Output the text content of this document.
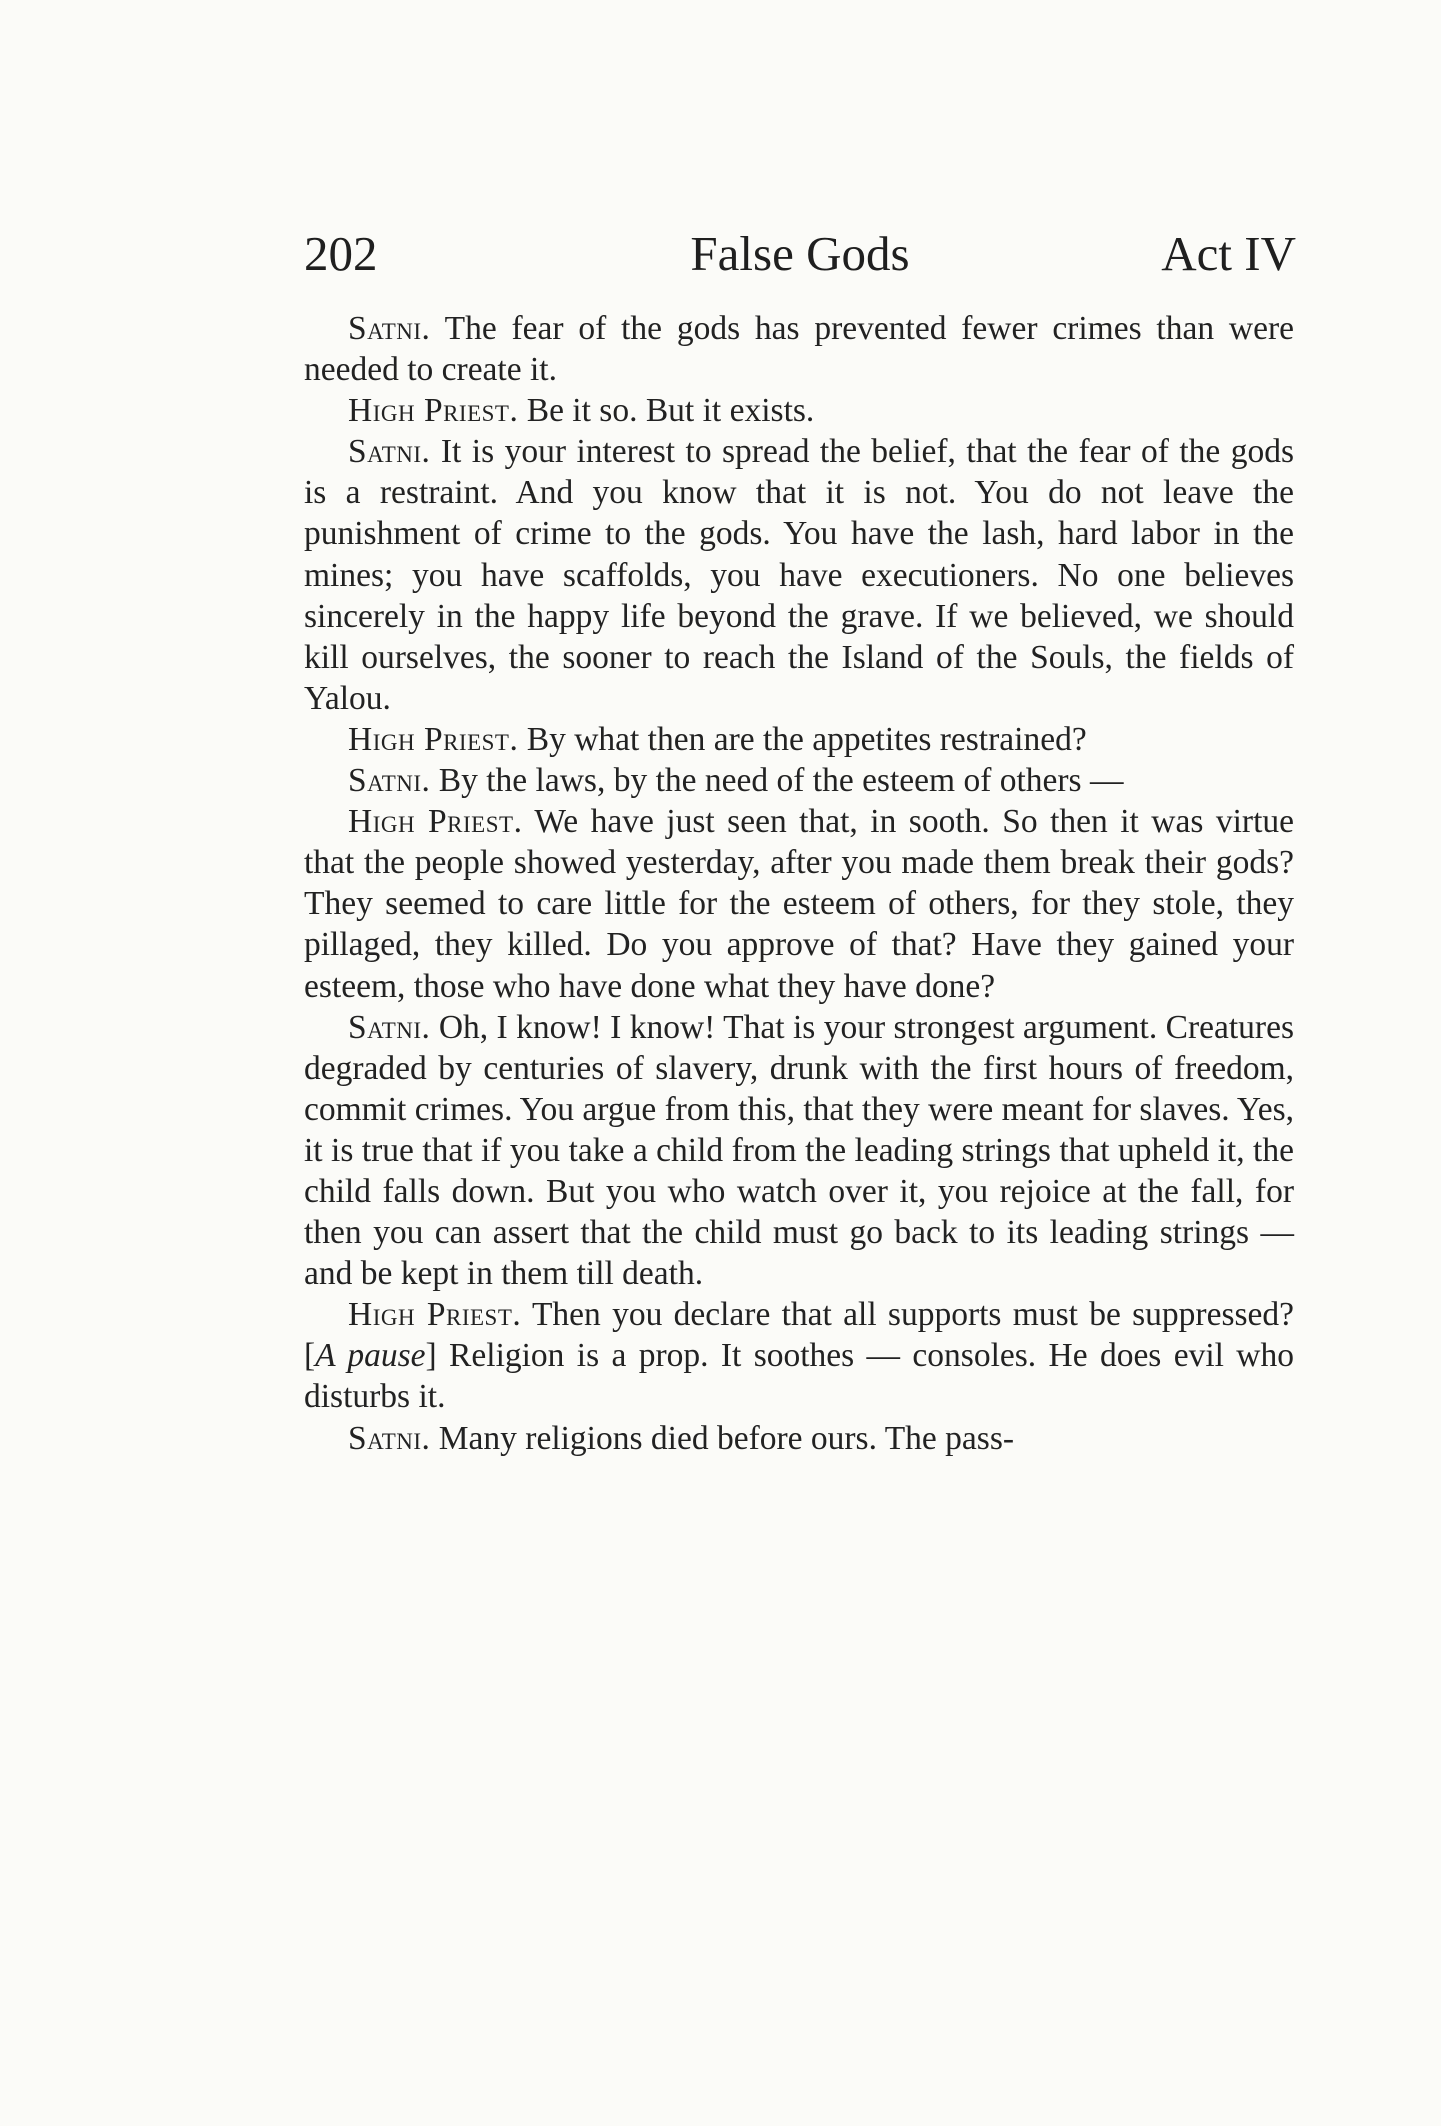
202	False Gods	Act IV

Satni. The fear of the gods has prevented fewer crimes than were needed to create it.

High Priest. Be it so. But it exists.

Satni. It is your interest to spread the belief, that the fear of the gods is a restraint. And you know that it is not. You do not leave the punishment of crime to the gods. You have the lash, hard labor in the mines; you have scaffolds, you have executioners. No one believes sincerely in the happy life beyond the grave. If we believed, we should kill ourselves, the sooner to reach the Island of the Souls, the fields of Yalou.

High Priest. By what then are the appetites restrained?

Satni. By the laws, by the need of the esteem of others —

High Priest. We have just seen that, in sooth. So then it was virtue that the people showed yesterday, after you made them break their gods? They seemed to care little for the esteem of others, for they stole, they pillaged, they killed. Do you approve of that? Have they gained your esteem, those who have done what they have done?

Satni. Oh, I know! I know! That is your strongest argument. Creatures degraded by centuries of slavery, drunk with the first hours of freedom, commit crimes. You argue from this, that they were meant for slaves. Yes, it is true that if you take a child from the leading strings that upheld it, the child falls down. But you who watch over it, you rejoice at the fall, for then you can assert that the child must go back to its leading strings — and be kept in them till death.

High Priest. Then you declare that all supports must be suppressed? [A pause] Religion is a prop. It soothes — consoles. He does evil who disturbs it.

Satni. Many religions died before ours. The pass-
